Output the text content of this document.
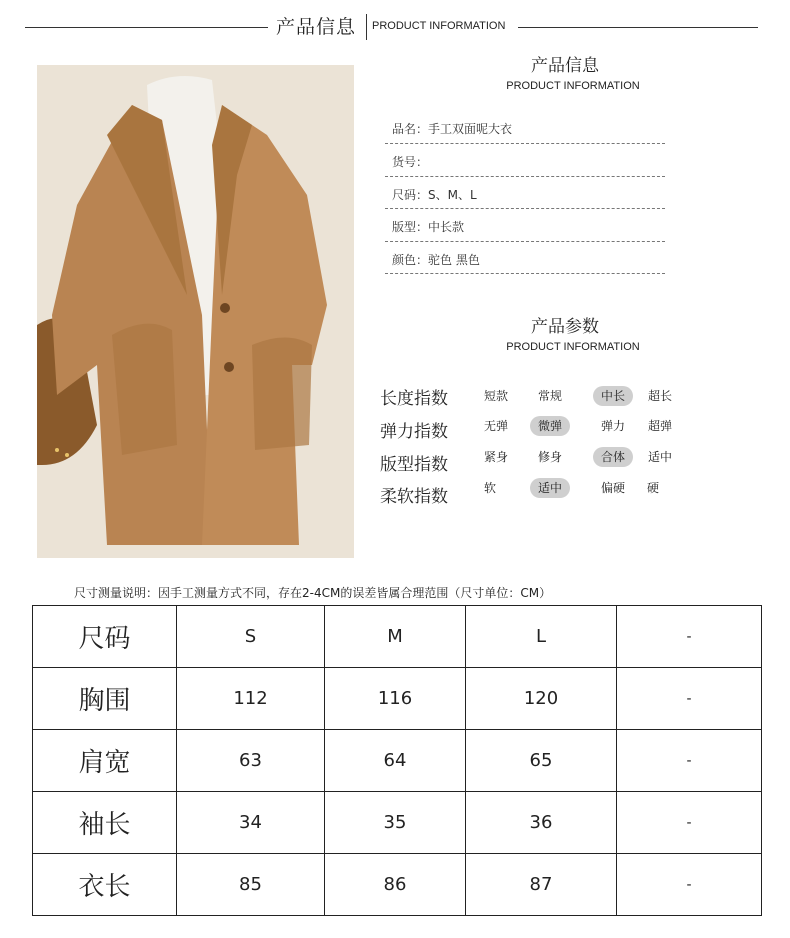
产品信息 PRODUCT INFORMATION
产品信息
PRODUCT INFORMATION
品名：手工双面呢大衣
货号：
尺码：S、M、L
版型：中长款
颜色：驼色 黑色
产品参数
PRODUCT INFORMATION
长度指数	短款	常规	中长	超长
弹力指数	无弹	微弹	弹力	超弹
版型指数	紧身	修身	合体	适中
柔软指数	软	适中	偏硬	硬
尺寸测量说明：因手工测量方式不同，存在2-4CM的误差皆属合理范围（尺寸单位：CM）
尺码	S	M	L	-
胸围	112	116	120	-
肩宽	63	64	65	-
袖长	34	35	36	-
衣长	85	86	87	-
